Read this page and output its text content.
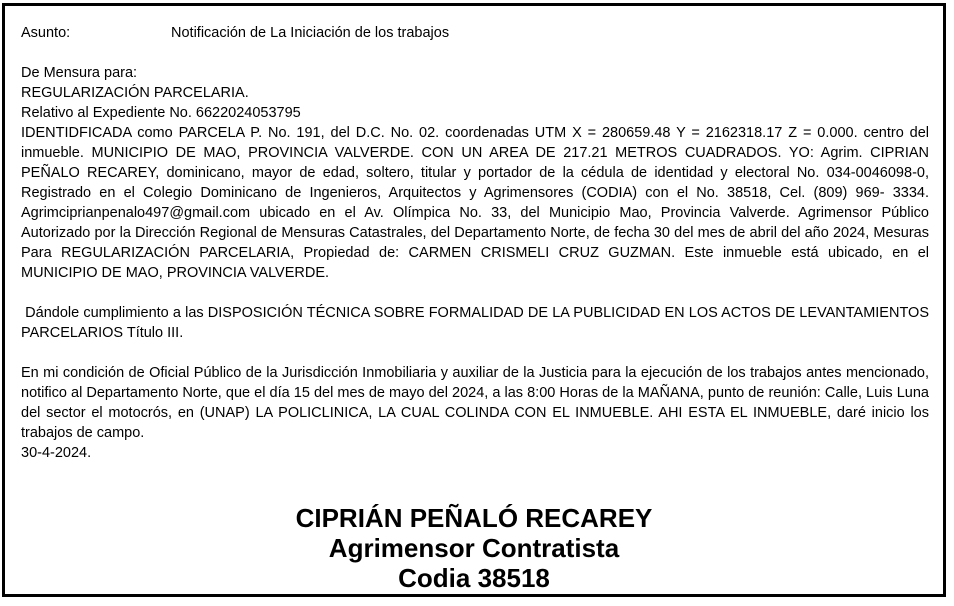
Asunto:	Notificación de La Iniciación de los trabajos
De Mensura para:
REGULARIZACIÓN PARCELARIA.
Relativo al Expediente No. 6622024053795
IDENTIDFICADA como PARCELA P. No. 191, del D.C. No. 02. coordenadas UTM X = 280659.48 Y = 2162318.17 Z = 0.000. centro del inmueble. MUNICIPIO DE MAO, PROVINCIA VALVERDE. CON UN AREA DE 217.21 METROS CUADRADOS. YO: Agrim. CIPRIAN PEÑALO RECAREY, dominicano, mayor de edad, soltero, titular y portador de la cédula de identidad y electoral No. 034-0046098-0, Registrado en el Colegio Dominicano de Ingenieros, Arquitectos y Agrimensores (CODIA) con el No. 38518, Cel. (809) 969- 3334. Agrimciprianpenalo497@gmail.com ubicado en el Av. Olímpica No. 33, del Municipio Mao, Provincia Valverde. Agrimensor Público Autorizado por la Dirección Regional de Mensuras Catastrales, del Departamento Norte, de fecha 30 del mes de abril del año 2024, Mesuras Para REGULARIZACIÓN PARCELARIA, Propiedad de: CARMEN CRISMELI CRUZ GUZMAN. Este inmueble está ubicado, en el MUNICIPIO DE MAO, PROVINCIA VALVERDE.
Dándole cumplimiento a las DISPOSICIÓN TÉCNICA SOBRE FORMALIDAD DE LA PUBLICIDAD EN LOS ACTOS DE LEVANTAMIENTOS PARCELARIOS Título III.
En mi condición de Oficial Público de la Jurisdicción Inmobiliaria y auxiliar de la Justicia para la ejecución de los trabajos antes mencionado, notifico al Departamento Norte, que el día 15 del mes de mayo del 2024, a las 8:00 Horas de la MAÑANA, punto de reunión: Calle, Luis Luna del sector el motocrós, en (UNAP) LA POLICLINICA, LA CUAL COLINDA CON EL INMUEBLE. AHI ESTA EL INMUEBLE, daré inicio los trabajos de campo.
30-4-2024.
CIPRIÁN PEÑALÓ RECAREY
Agrimensor Contratista
Codia 38518
